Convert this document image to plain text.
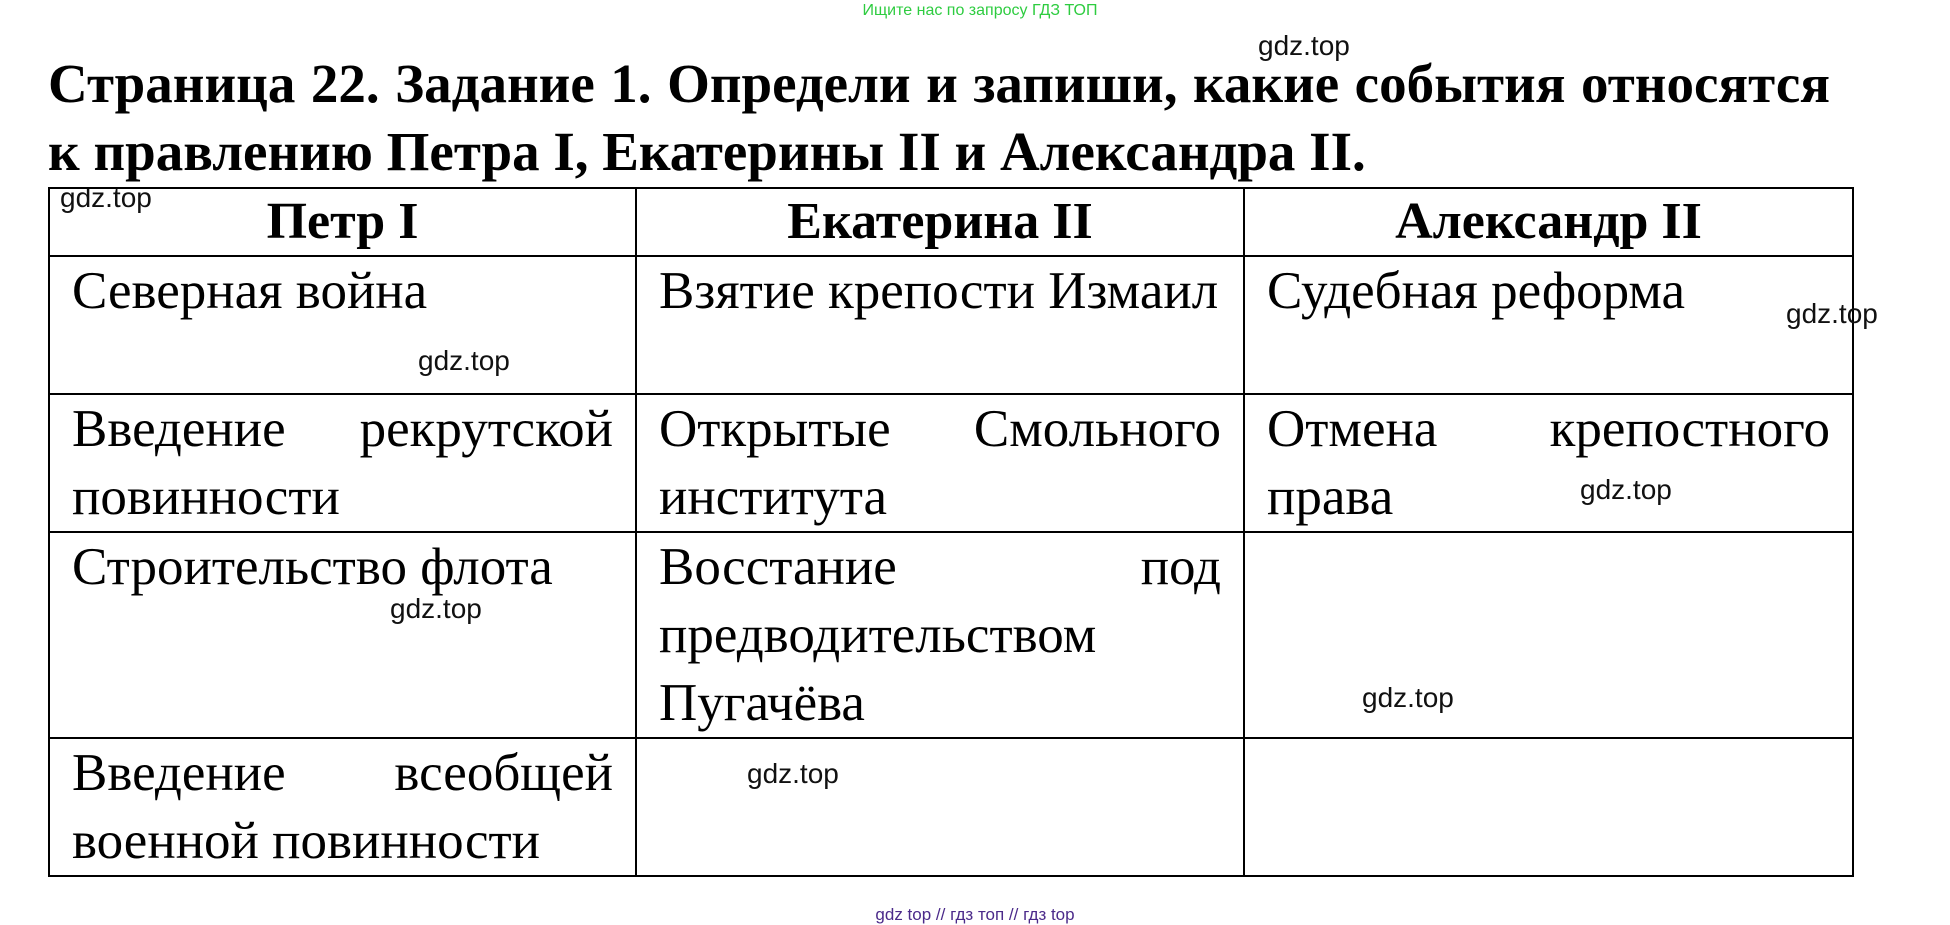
Ищите нас по запросу ГДЗ ТОП
gdz.top

Страница 22. Задание 1. Определи и запиши, какие события относятся к правлению Петра I, Екатерины II и Александра II.

gdz.top Петр I	Екатерина II	Александр II

Северная война	Взятие крепости Измаил	Судебная реформа

Введение рекрутской повинности	Открытые Смольного института	Отмена крепостного права

Строительство флота	Восстание под предводительством Пугачёва	

Введение всеобщей военной повинности		

gdz.top
gdz.top
gdz.top
gdz.top
gdz.top
gdz.top
gdz top // гдз топ // гдз top
